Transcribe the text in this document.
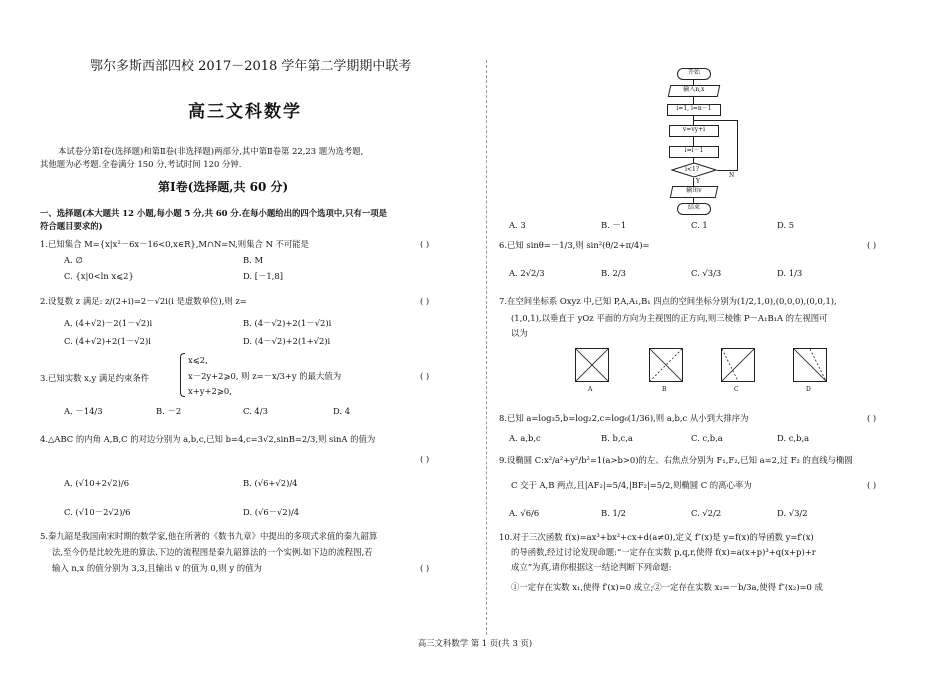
鄂尔多斯西部四校 2017－2018 学年第二学期期中联考
高三文科数学
本试卷分第Ⅰ卷(选择题)和第Ⅱ卷(非选择题)两部分,其中第Ⅱ卷第 22,23 题为选考题,
其他题为必考题.全卷满分 150 分,考试时间 120 分钟.
第Ⅰ卷(选择题,共 60 分)
一、选择题(本大题共 12 小题,每小题 5 分,共 60 分.在每小题给出的四个选项中,只有一项是
符合题目要求的)
1.已知集合 M={x|x²－6x－16<0,x∈R},M∩N=N,则集合 N 不可能是	( )
A. ∅	B. M
C. {x|0<ln x⩽2}	D. [－1,8]
2.设复数 z 满足: z/(2+i)=2－√2i(i 是虚数单位),则 z=	( )
A. (4+√2)－2(1－√2)i	B. (4－√2)+2(1－√2)i
C. (4+√2)+2(1－√2)i	D. (4－√2)+2(1+√2)i
3.已知实数 x,y 满足约束条件
x⩽2,
x－2y+2⩾0, 则 z=－x/3+y 的最大值为
x+y+2⩾0,
( )
A. －14/3	B. －2	C. 4/3	D. 4
4.△ABC 的内角 A,B,C 的对边分别为 a,b,c,已知 b=4,c=3√2,sinB=2/3,则 sinA 的值为
( )
A. (√10+2√2)/6	B. (√6+√2)/4
C. (√10－2√2)/6	D. (√6－√2)/4
5.秦九韶是我国南宋时期的数学家,他在所著的《数书九章》中提出的多项式求值的秦九韶算
法,至今仍是比较先进的算法.下边的流程图是秦九韶算法的一个实例.如下边的流程图,若
输入 n,x 的值分别为 3,3,且输出 v 的值为 0,则 y 的值为	( )
开始
输入n,x
i=1, i=n－1
v=vy+i
i=i－1
i<1?
N
Y
输出v
结束
A. 3	B. －1	C. 1	D. 5
6.已知 sinθ=－1/3,则 sin²(θ/2+π/4)=	( )
A. 2√2/3	B. 2/3	C. √3/3	D. 1/3
7.在空间坐标系 Oxyz 中,已知 P,A,A₁,B₁ 四点的空间坐标分别为(1/2,1,0),(0,0,0),(0,0,1),
(1,0,1),以垂直于 yOz 平面的方向为主视图的正方向,则三棱锥 P－A₁B₁A 的左视图可
以为
A	B	C	D
8.已知 a=log₃5,b=log₂2,c=log₆(1/36),则 a,b,c 从小到大排序为	( )
A. a,b,c	B. b,c,a	C. c,b,a	D. c,b,a
9.设椭圆 C:x²/a²+y²/b²=1(a>b>0)的左、右焦点分别为 F₁,F₂,已知 a=2,过 F₂ 的直线与椭圆
C 交于 A,B 两点,且|AF₂|=5/4,|BF₂|=5/2,则椭圆 C 的离心率为	( )
A. √6/6	B. 1/2	C. √2/2	D. √3/2
10.对于三次函数 f(x)=ax³+bx²+cx+d(a≠0),定义 f″(x)是 y=f(x)的导函数 y=f′(x)
的导函数,经过讨论发现命题:“一定存在实数 p,q,r,使得 f(x)=a(x+p)³+q(x+p)+r
成立”为真,请你根据这一结论判断下列命题:
①一定存在实数 x₁,使得 f′(x)=0 成立;②一定存在实数 x₂=－b/3a,使得 f″(x₂)=0 成
高三文科数学 第 1 页(共 3 页)
